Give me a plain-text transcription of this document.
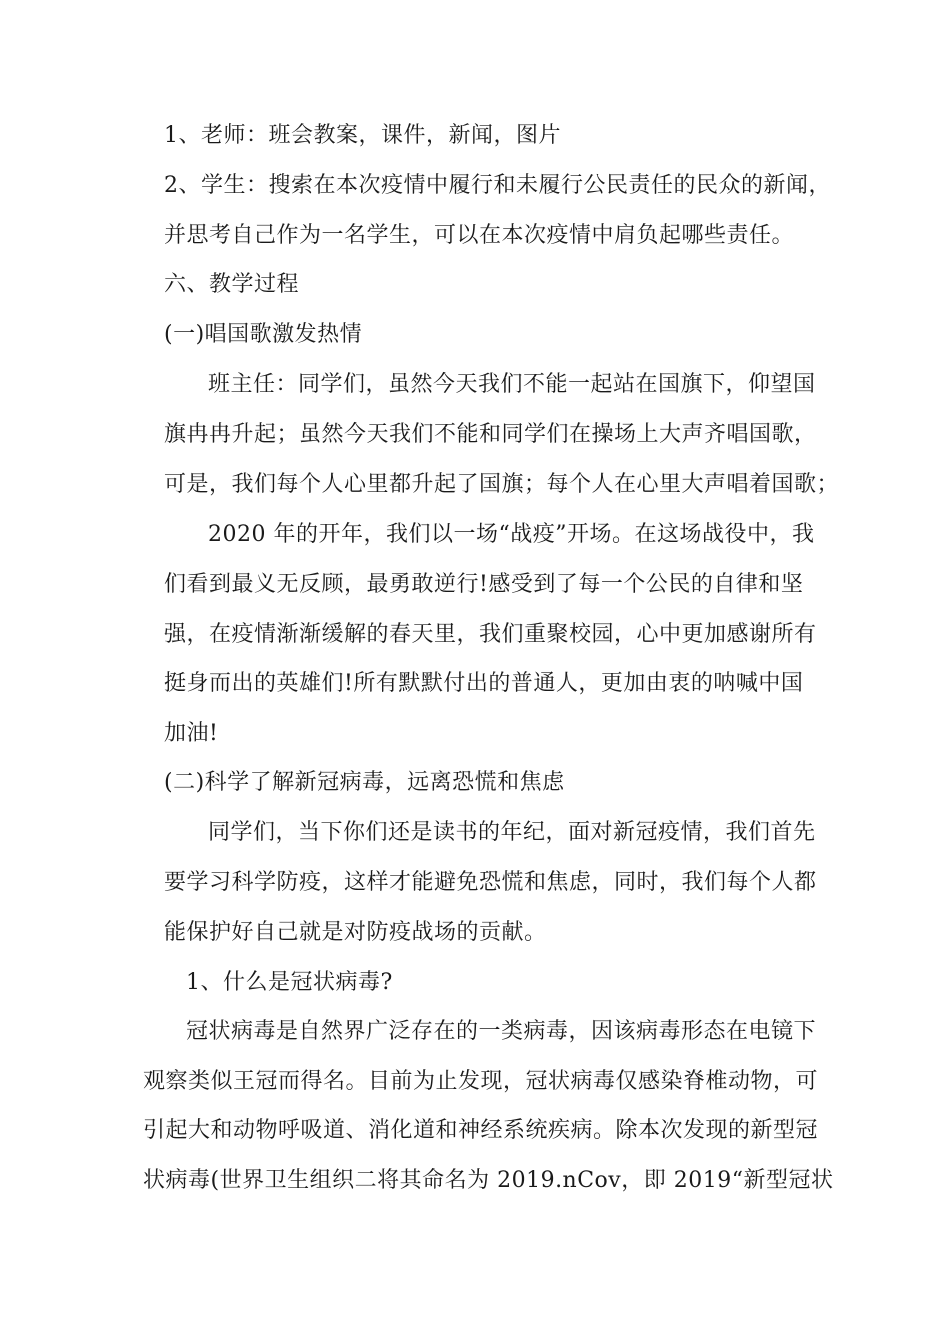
1、老师：班会教案，课件，新闻，图片
2、学生：搜索在本次疫情中履行和未履行公民责任的民众的新闻，
并思考自己作为一名学生，可以在本次疫情中肩负起哪些责任。
六、教学过程
(一)唱国歌激发热情
班主任：同学们，虽然今天我们不能一起站在国旗下，仰望国
旗冉冉升起；虽然今天我们不能和同学们在操场上大声齐唱国歌，
可是，我们每个人心里都升起了国旗；每个人在心里大声唱着国歌；
2020 年的开年，我们以一场“战疫”开场。在这场战役中，我
们看到最义无反顾，最勇敢逆行!感受到了每一个公民的自律和坚
强，在疫情渐渐缓解的春天里，我们重聚校园，心中更加感谢所有
挺身而出的英雄们!所有默默付出的普通人，更加由衷的呐喊中国
加油!
(二)科学了解新冠病毒，远离恐慌和焦虑
同学们，当下你们还是读书的年纪，面对新冠疫情，我们首先
要学习科学防疫，这样才能避免恐慌和焦虑，同时，我们每个人都
能保护好自己就是对防疫战场的贡献。
1、什么是冠状病毒?
冠状病毒是自然界广泛存在的一类病毒，因该病毒形态在电镜下
观察类似王冠而得名。目前为止发现，冠状病毒仅感染脊椎动物，可
引起大和动物呼吸道、消化道和神经系统疾病。除本次发现的新型冠
状病毒(世界卫生组织二将其命名为 2019.nCov，即 2019“新型冠状
